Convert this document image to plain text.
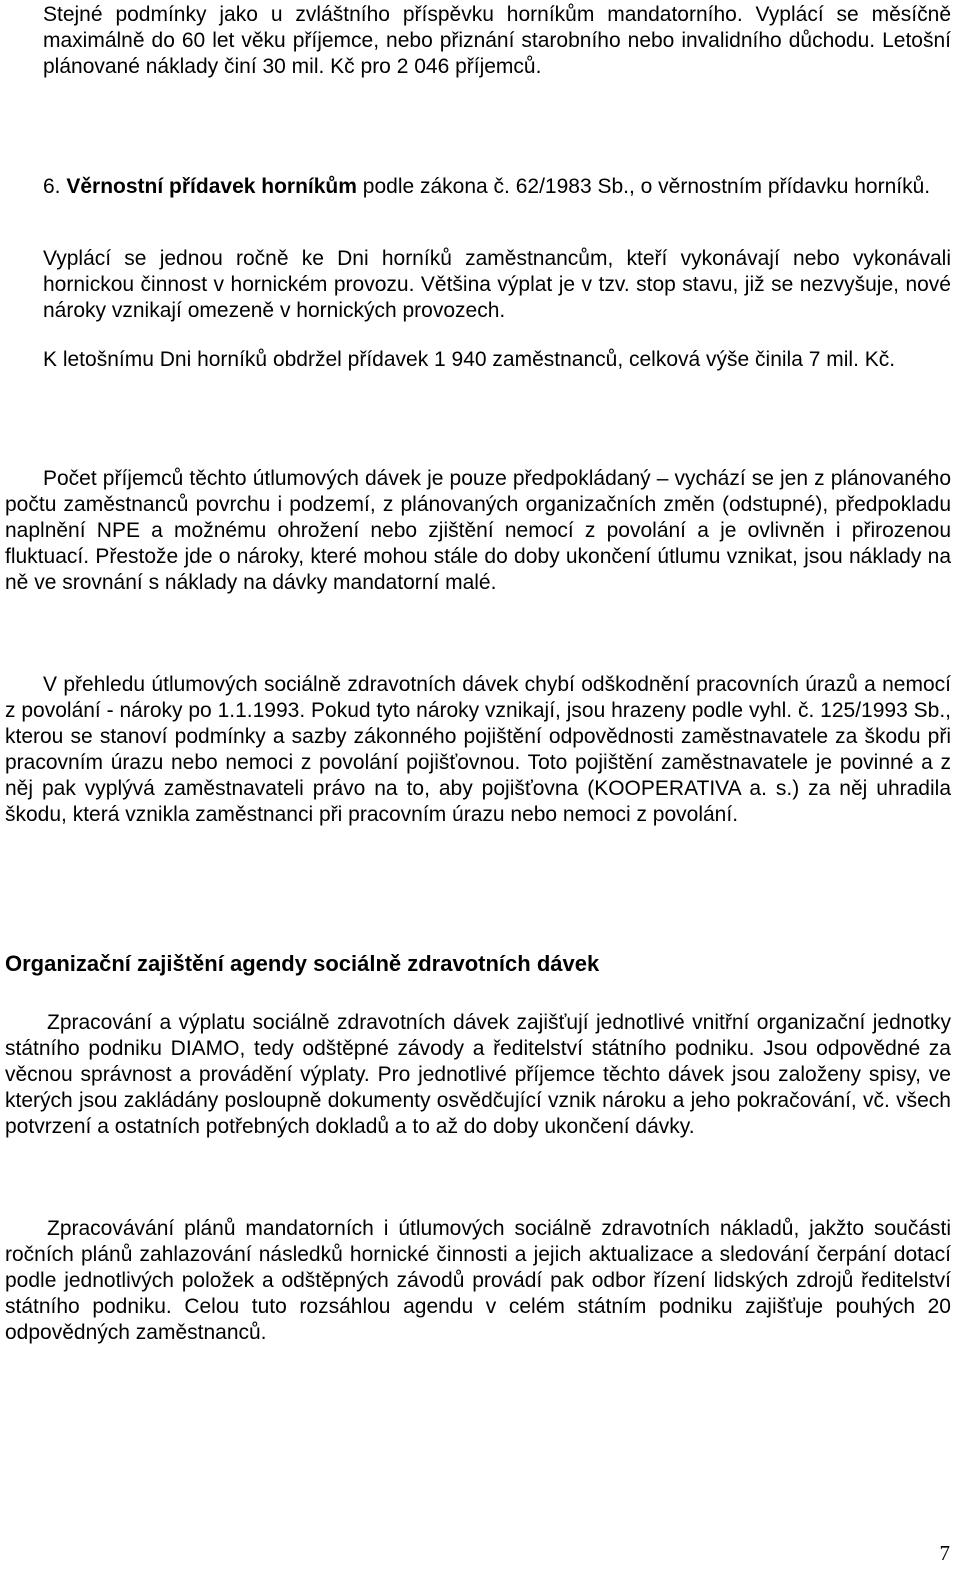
Stejné podmínky jako u zvláštního příspěvku horníkům mandatorního. Vyplácí se měsíčně maximálně do 60 let věku příjemce, nebo přiznání starobního nebo invalidního důchodu. Letošní plánované náklady činí 30 mil. Kč pro 2 046 příjemců.

6. Věrnostní přídavek horníkům podle zákona č. 62/1983 Sb., o věrnostním přídavku horníků.

Vyplácí se jednou ročně ke Dni horníků zaměstnancům, kteří vykonávají nebo vykonávali hornickou činnost v hornickém provozu. Většina výplat je v tzv. stop stavu, již se nezvyšuje, nové nároky vznikají omezeně v hornických provozech.

K letošnímu Dni horníků obdržel přídavek 1 940 zaměstnanců, celková výše činila 7 mil. Kč.

Počet příjemců těchto útlumových dávek je pouze předpokládaný – vychází se jen z plánovaného počtu zaměstnanců povrchu i podzemí, z plánovaných organizačních změn (odstupné), předpokladu naplnění NPE a možnému ohrožení nebo zjištění nemocí z povolání a je ovlivněn i přirozenou fluktuací. Přestože jde o nároky, které mohou stále do doby ukončení útlumu vznikat, jsou náklady na ně ve srovnání s náklady na dávky mandatorní malé.

V přehledu útlumových sociálně zdravotních dávek chybí odškodnění pracovních úrazů a nemocí z povolání - nároky po 1.1.1993. Pokud tyto nároky vznikají, jsou hrazeny podle vyhl. č. 125/1993 Sb., kterou se stanoví podmínky a sazby zákonného pojištění odpovědnosti zaměstnavatele za škodu při pracovním úrazu nebo nemoci z povolání pojišťovnou. Toto pojištění zaměstnavatele je povinné a z něj pak vyplývá zaměstnavateli právo na to, aby pojišťovna (KOOPERATIVA a. s.) za něj uhradila škodu, která vznikla zaměstnanci při pracovním úrazu nebo nemoci z povolání.

Organizační zajištění agendy sociálně zdravotních dávek

Zpracování a výplatu sociálně zdravotních dávek zajišťují jednotlivé vnitřní organizační jednotky státního podniku DIAMO, tedy odštěpné závody a ředitelství státního podniku. Jsou odpovědné za věcnou správnost a provádění výplaty. Pro jednotlivé příjemce těchto dávek jsou založeny spisy, ve kterých jsou zakládány posloupně dokumenty osvědčující vznik nároku a jeho pokračování, vč. všech potvrzení a ostatních potřebných dokladů a to až do doby ukončení dávky.

Zpracovávání plánů mandatorních i útlumových sociálně zdravotních nákladů, jakžto součásti ročních plánů zahlazování následků hornické činnosti a jejich aktualizace a sledování čerpání dotací podle jednotlivých položek a odštěpných závodů provádí pak odbor řízení lidských zdrojů ředitelství státního podniku. Celou tuto rozsáhlou agendu v celém státním podniku zajišťuje pouhých 20 odpovědných zaměstnanců.

7
